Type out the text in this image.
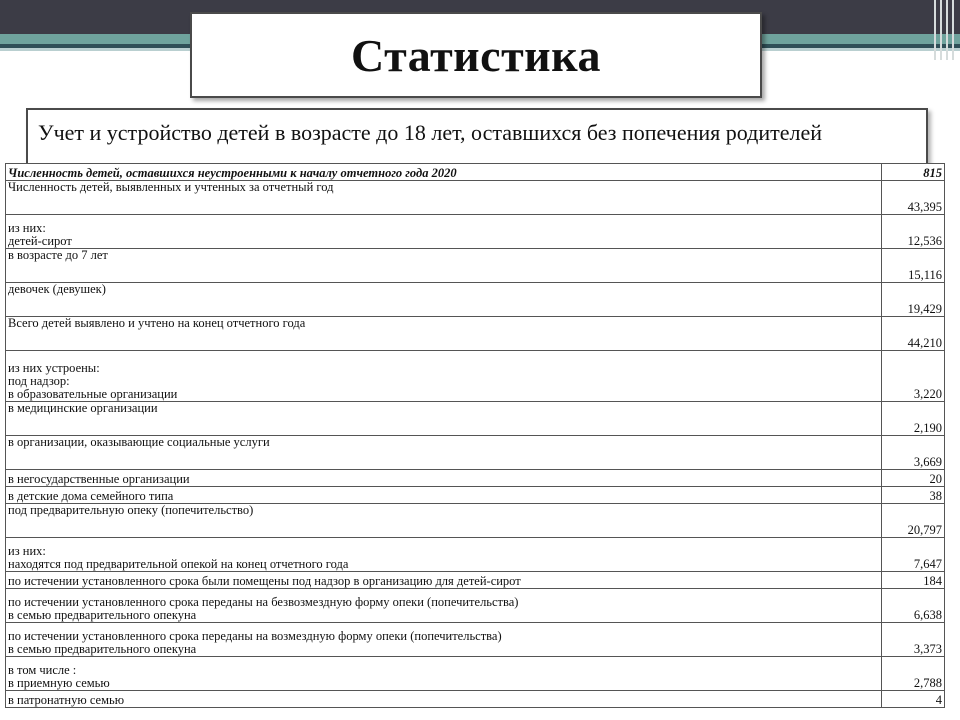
Статистика
Учет и устройство детей в возрасте до 18 лет, оставшихся без попечения родителей
Численность детей, оставшихся неустроенными к началу отчетного года 2020	815

Численность детей, выявленных и учтенных за отчетный год	43,395

из них:
детей-сирот	12,536

в возрасте до 7 лет	15,116

девочек (девушек)	19,429

Всего детей выявлено и учтено на конец отчетного года	44,210

из них устроены:
под надзор:
в образовательные организации	3,220

в медицинские организации	2,190

в организации, оказывающие социальные услуги	3,669

в негосударственные организации	20

в детские дома семейного типа	38

под предварительную опеку (попечительство)	20,797

из них:
находятся под предварительной опекой на конец отчетного года	7,647

по истечении установленного срока были помещены под надзор в организацию для детей-сирот	184

по истечении установленного срока переданы на безвозмездную форму опеки (попечительства)
в семью предварительного опекуна	6,638

по истечении установленного срока переданы на возмездную форму опеки (попечительства)
в семью предварительного опекуна	3,373

в том числе :
в приемную семью	2,788

в патронатную семью	4
